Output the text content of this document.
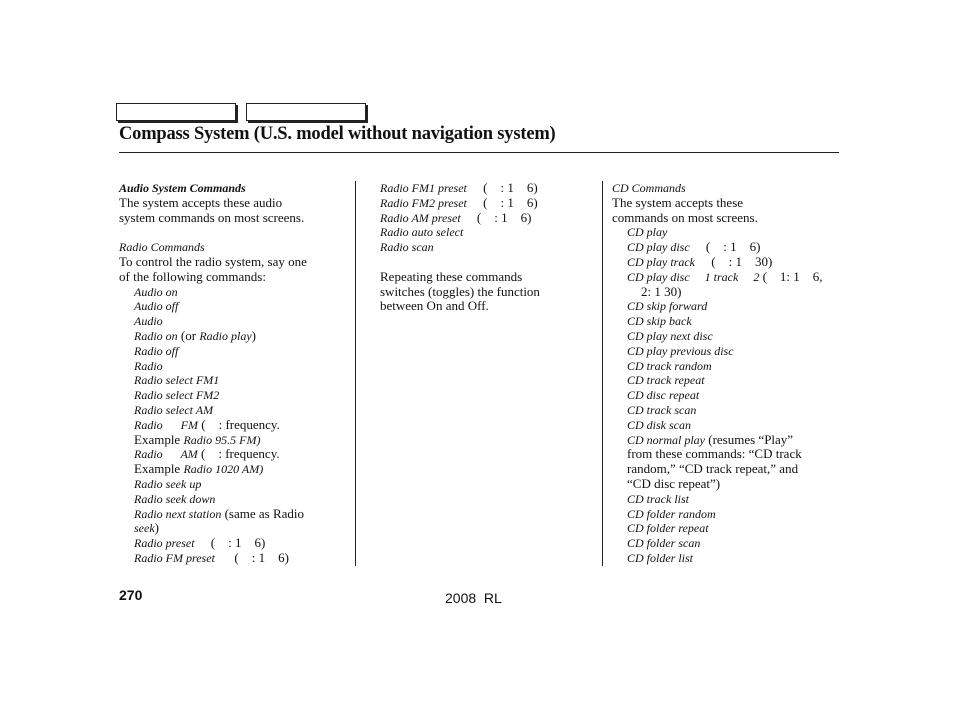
Compass System (U.S. model without navigation system)
Audio System Commands
The system accepts these audio
system commands on most screens.
Radio Commands
To control the radio system, say one
of the following commands:
Audio on
Audio off
Audio
Radio on (or Radio play)
Radio off
Radio
Radio select FM1
Radio select FM2
Radio select AM
Radio      FM (    : frequency.
Example Radio 95.5 FM)
Radio      AM (    : frequency.
Example Radio 1020 AM)
Radio seek up
Radio seek down
Radio next station (same as Radio
seek)
Radio preset     (    : 1    6)
Radio FM preset      (    : 1    6)
Radio FM1 preset     (    : 1    6)
Radio FM2 preset     (    : 1    6)
Radio AM preset     (    : 1    6)
Radio auto select
Radio scan
Repeating these commands
switches (toggles) the function
between On and Off.
CD Commands
The system accepts these
commands on most screens.
CD play
CD play disc     (    : 1    6)
CD play track     (    : 1    30)
CD play disc     1 track     2 (    1: 1    6,
2: 1 30)
CD skip forward
CD skip back
CD play next disc
CD play previous disc
CD track random
CD track repeat
CD disc repeat
CD track scan
CD disk scan
CD normal play (resumes “Play”
from these commands: “CD track
random,” “CD track repeat,” and
“CD disc repeat”)
CD track list
CD folder random
CD folder repeat
CD folder scan
CD folder list
270	2008  RL
